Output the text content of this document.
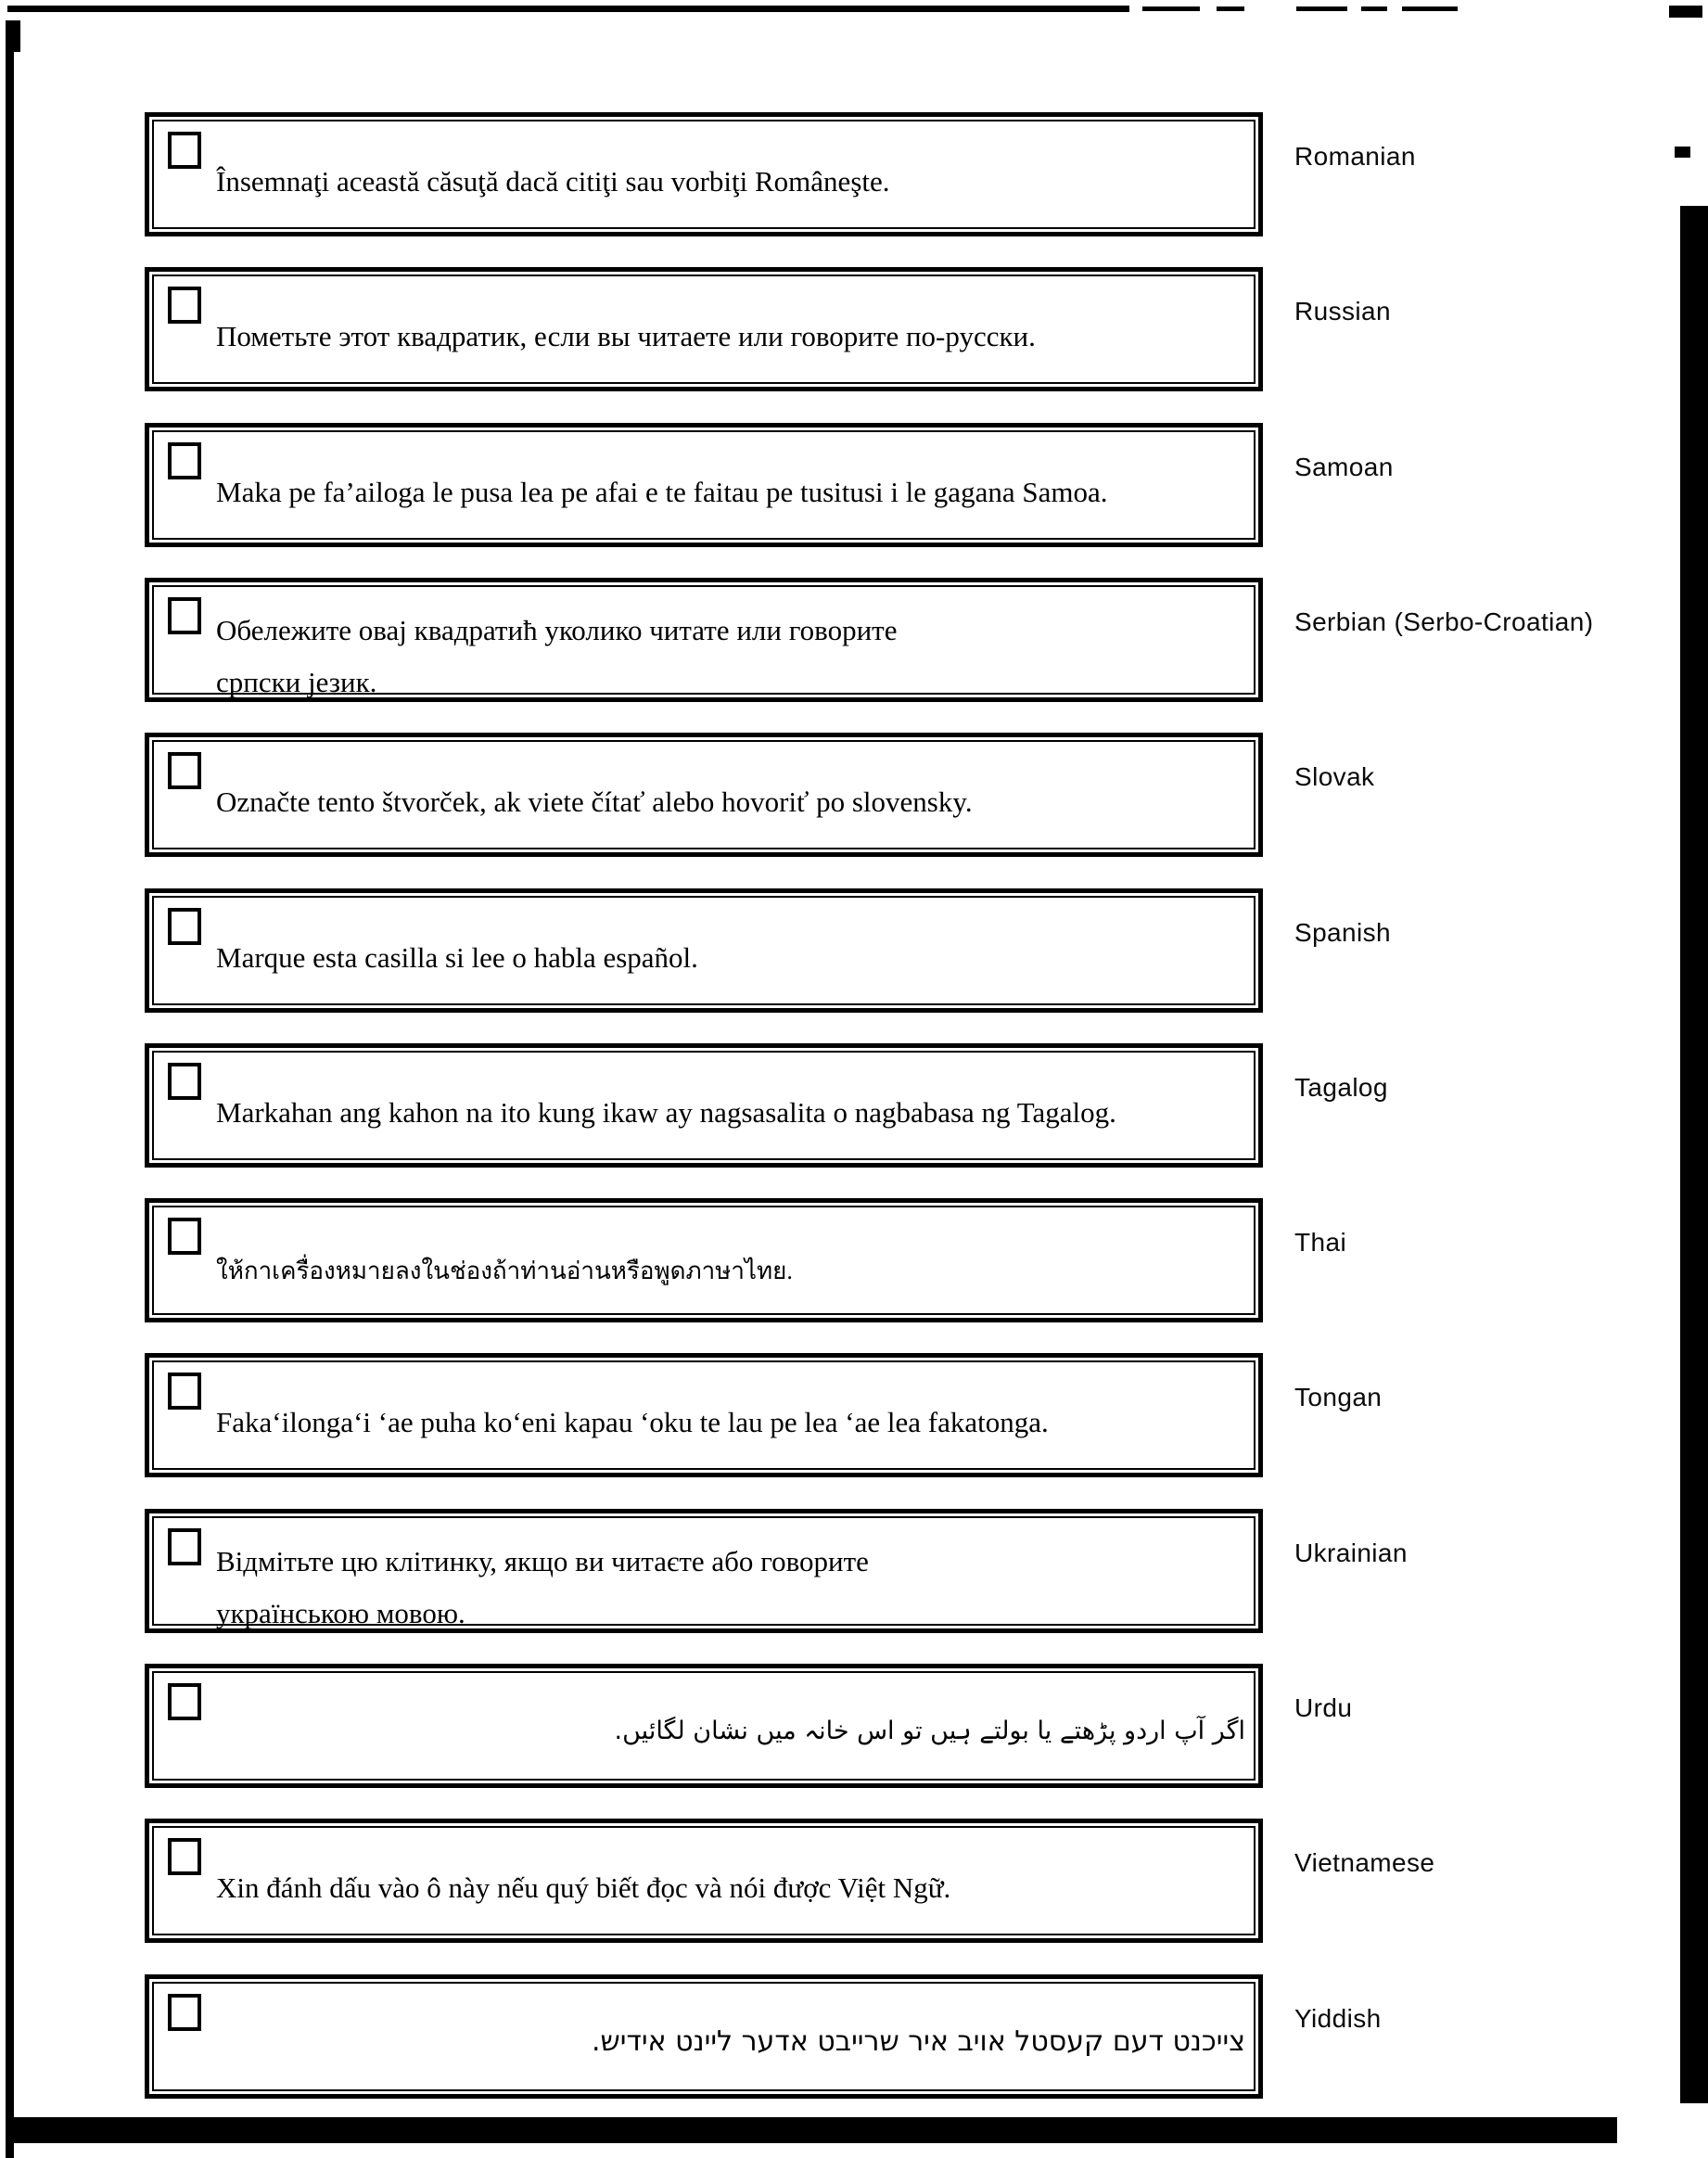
Însemnaţi această căsuţă dacă citiţi sau vorbiţi Româneşte.
Romanian
Пометьте этот квадратик, если вы читаете или говорите по-русски.
Russian
Maka pe fa’ailoga le pusa lea pe afai e te faitau pe tusitusi i le gagana Samoa.
Samoan
Обележите овај квадратић уколико читате или говорите
српски језик.
Serbian (Serbo-Croatian)
Označte tento štvorček, ak viete čítať alebo hovoriť po slovensky.
Slovak
Marque esta casilla si lee o habla español.
Spanish
Markahan ang kahon na ito kung ikaw ay nagsasalita o nagbabasa ng Tagalog.
Tagalog
ให้กาเครื่องหมายลงในช่องถ้าท่านอ่านหรือพูดภาษาไทย.
Thai
Faka‘ilonga‘i ‘ae puha ko‘eni kapau ‘oku te lau pe lea ‘ae lea fakatonga.
Tongan
Відмітьте цю клітинку, якщо ви читаєте або говорите
українською мовою.
Ukrainian
اگر آپ اردو پڑھتے یا بولتے ہیں تو اس خانہ میں نشان لگائیں.
Urdu
Xin đánh dấu vào ô này nếu quý biết đọc và nói được Việt Ngữ.
Vietnamese
צייכנט דעם קעסטל אויב איר שרייבט אדער ליינט אידיש.
Yiddish
